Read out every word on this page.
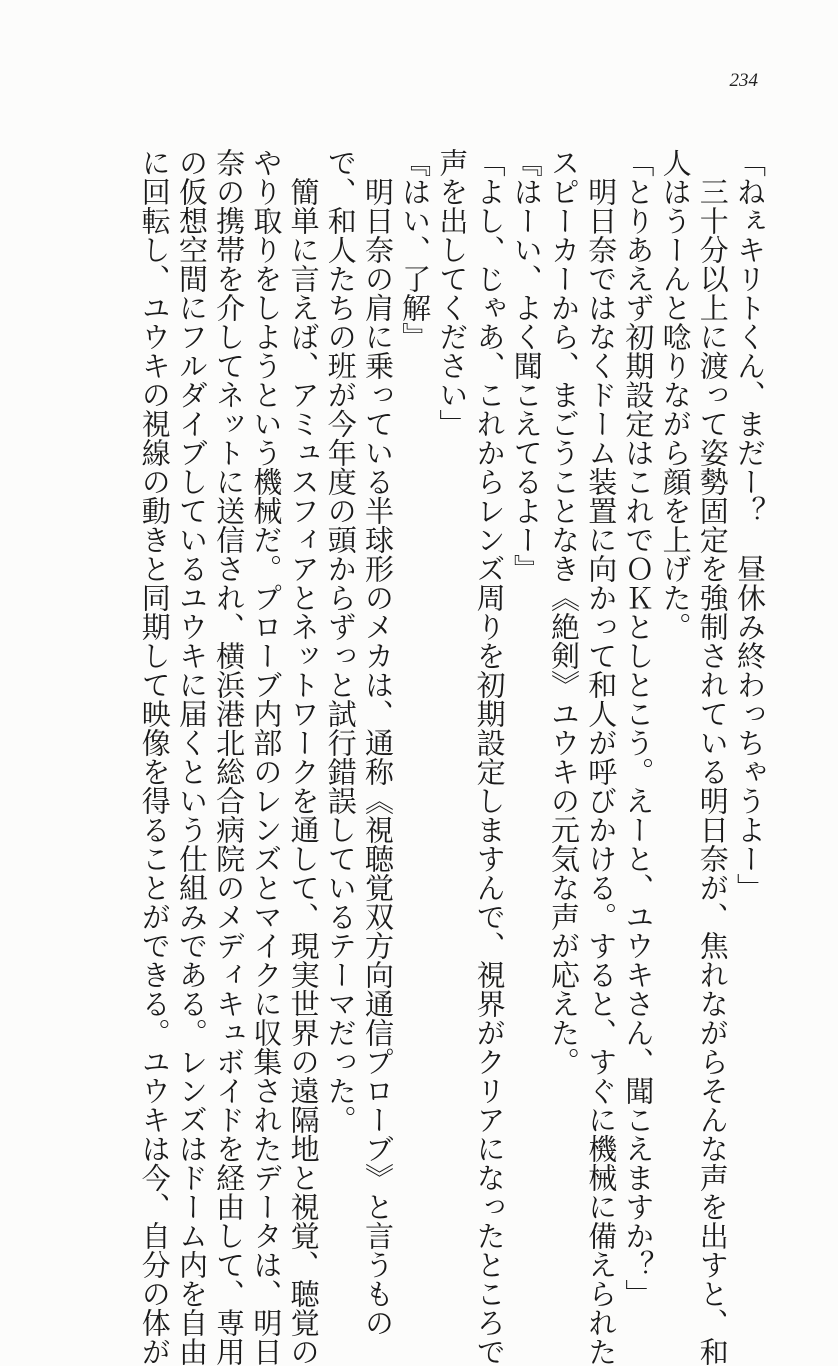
234
「ねぇキリトくん、まだー？　昼休み終わっちゃうよー」
　三十分以上に渡って姿勢固定を強制されている明日奈が、焦れながらそんな声を出すと、和
人はうーんと唸りながら顔を上げた。
「とりあえず初期設定はこれでＯＫとしとこう。えーと、ユウキさん、聞こえますか？」
　明日奈ではなくドーム装置に向かって和人が呼びかける。すると、すぐに機械に備えられた
スピーカーから、まごうことなき《絶剣》ユウキの元気な声が応えた。
『はーい、よく聞こえてるよー』
「よし、じゃあ、これからレンズ周りを初期設定しますんで、視界がクリアになったところで
声を出してください」
『はい、了解』
　明日奈の肩に乗っている半球形のメカは、通称《視聴覚双方向通信プローブ》と言うもの
で、和人たちの班が今年度の頭からずっと試行錯誤しているテーマだった。
　簡単に言えば、アミュスフィアとネットワークを通して、現実世界の遠隔地と視覚、聴覚の
やり取りをしようという機械だ。プローブ内部のレンズとマイクに収集されたデータは、明日
奈の携帯を介してネットに送信され、横浜港北総合病院のメディキュボイドを経由して、専用
の仮想空間にフルダイブしているユウキに届くという仕組みである。レンズはドーム内を自由
に回転し、ユウキの視線の動きと同期して映像を得ることができる。ユウキは今、自分の体が
